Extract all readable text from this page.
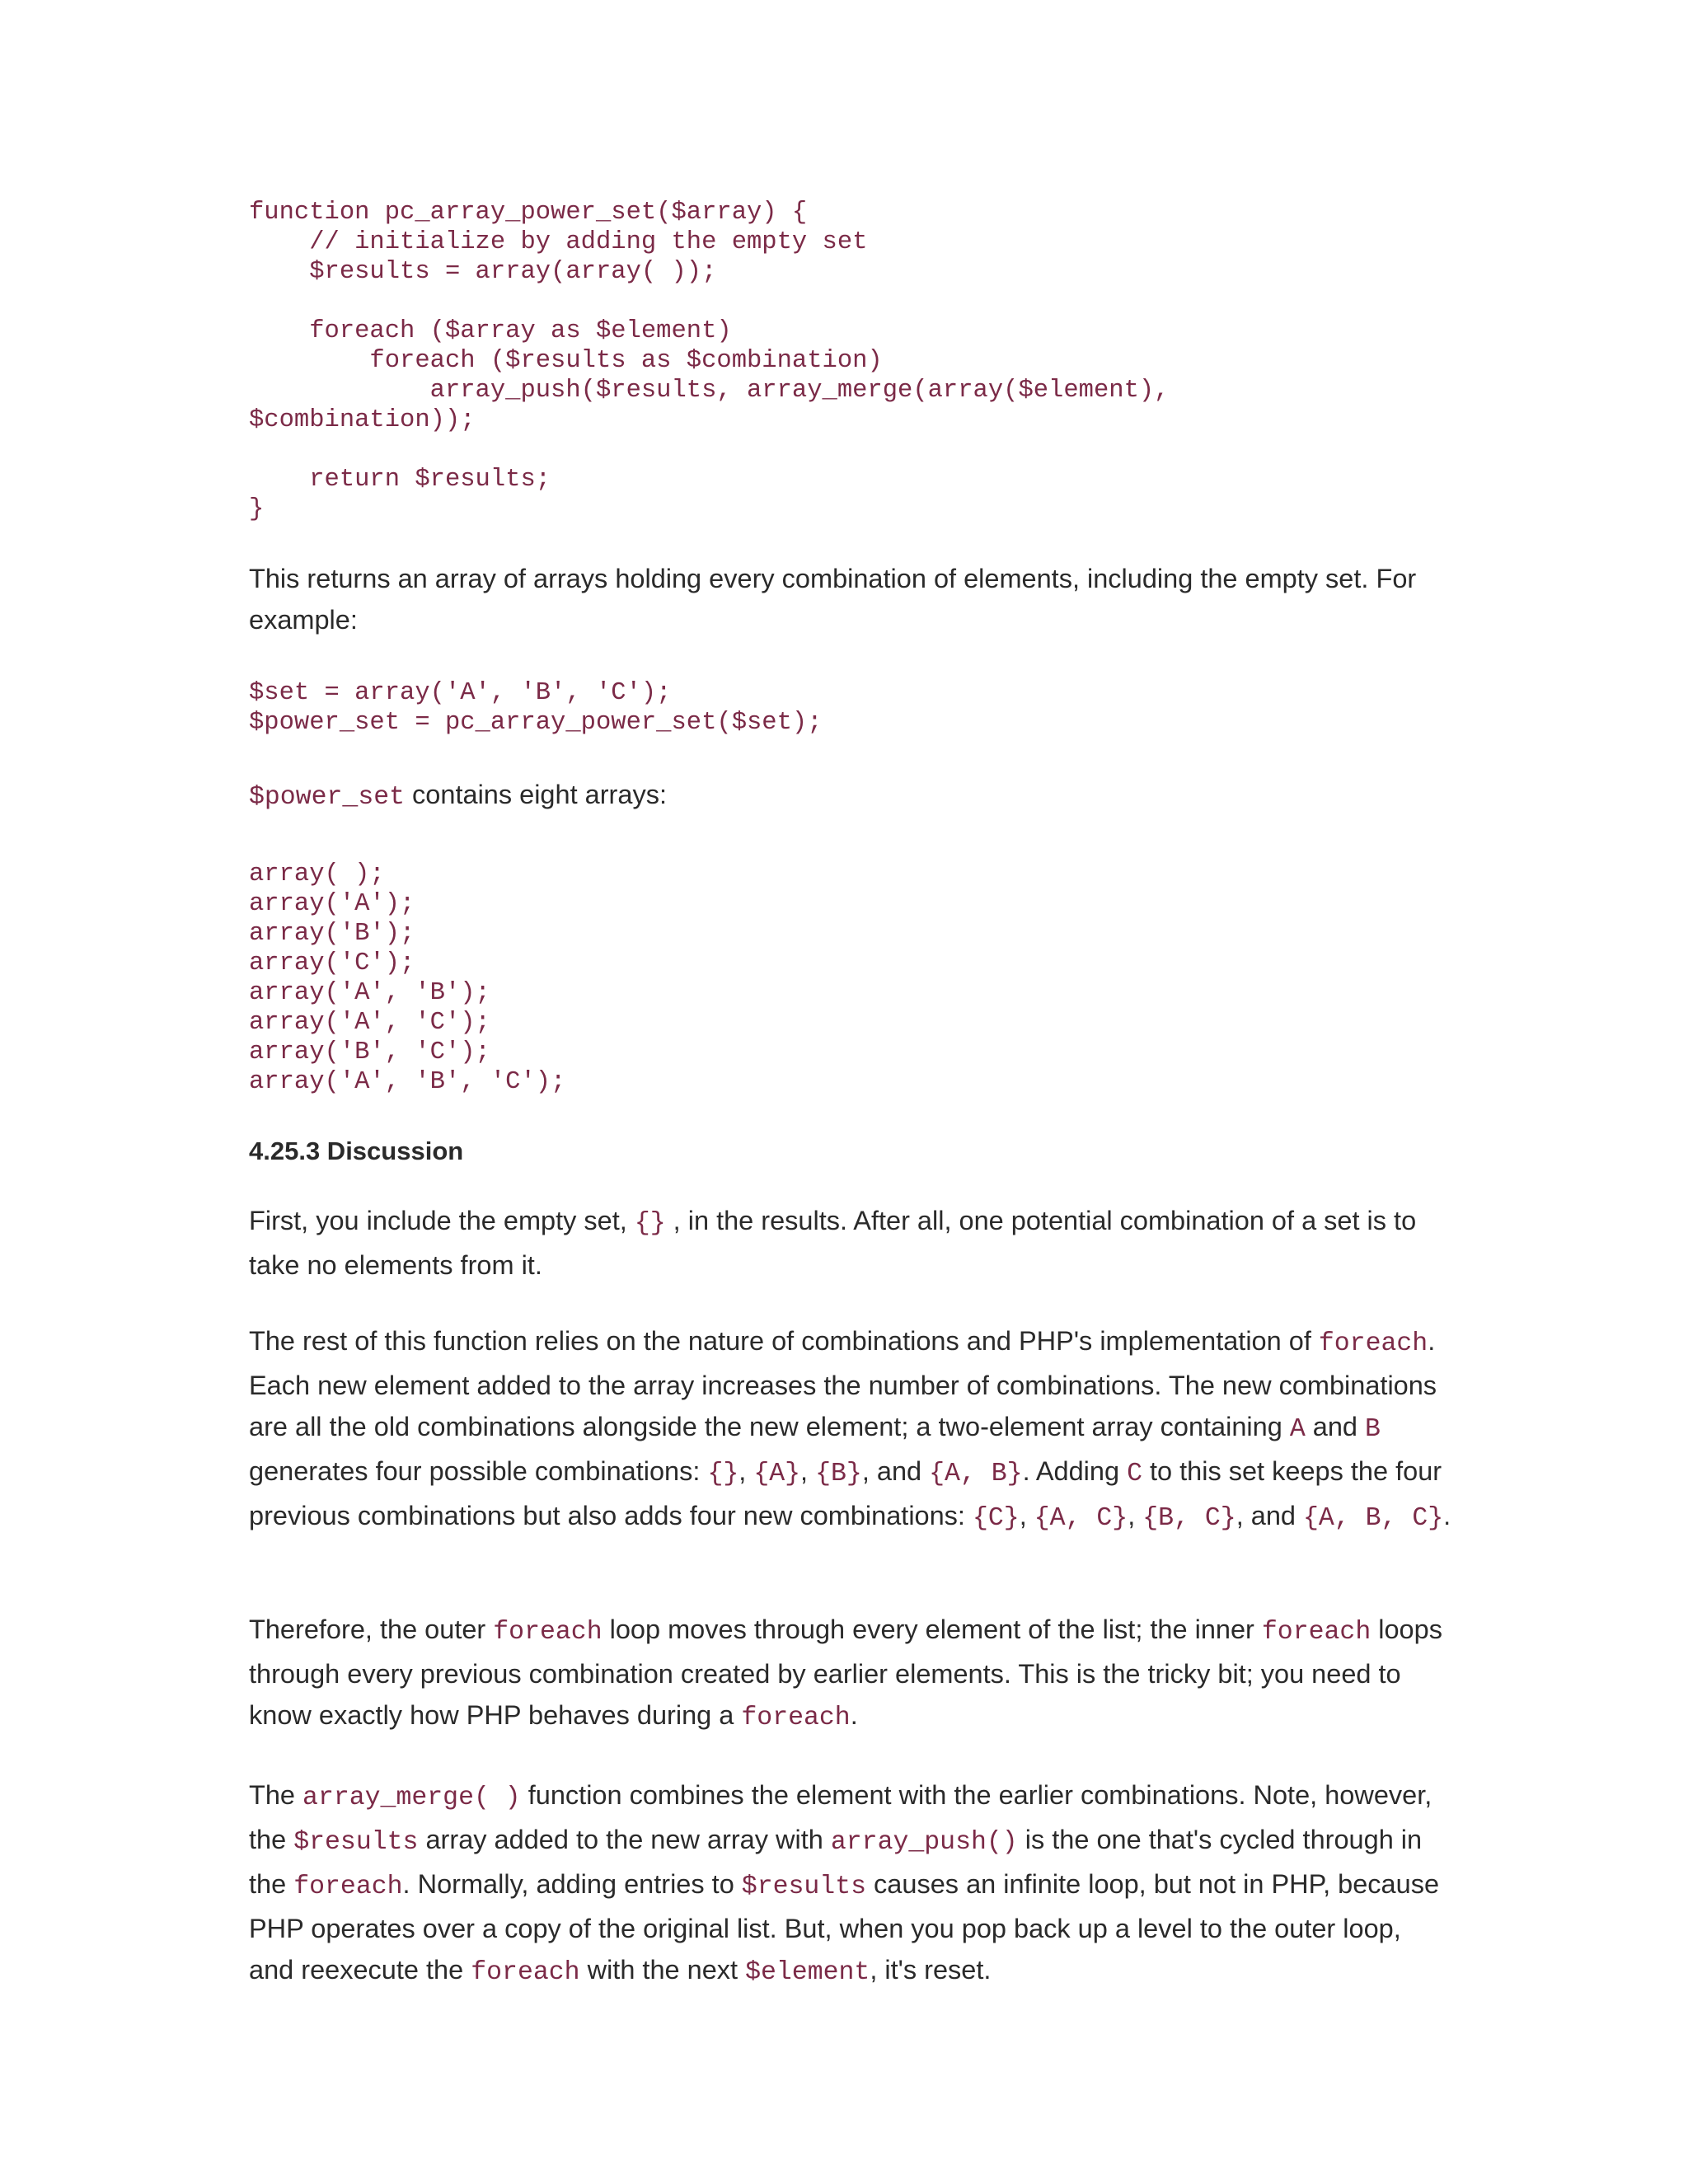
function pc_array_power_set($array) {
// initialize by adding the empty set
$results = array(array( ));

foreach ($array as $element)
foreach ($results as $combination)
array_push($results, array_merge(array($element),
$combination));

return $results;
}

This returns an array of arrays holding every combination of elements, including the empty set. For example:

$set = array('A', 'B', 'C');
$power_set = pc_array_power_set($set);

$power_set contains eight arrays:

array( );
array('A');
array('B');
array('C');
array('A', 'B');
array('A', 'C');
array('B', 'C');
array('A', 'B', 'C');
4.25.3 Discussion

First, you include the empty set, {} , in the results. After all, one potential combination of a set is to take no elements from it.

The rest of this function relies on the nature of combinations and PHP's implementation of foreach. Each new element added to the array increases the number of combinations. The new combinations are all the old combinations alongside the new element; a two-element array containing A and B generates four possible combinations: {}, {A}, {B}, and {A, B}. Adding C to this set keeps the four previous combinations but also adds four new combinations: {C}, {A, C}, {B, C}, and {A, B, C}.

Therefore, the outer foreach loop moves through every element of the list; the inner foreach loops through every previous combination created by earlier elements. This is the tricky bit; you need to know exactly how PHP behaves during a foreach.

The array_merge( ) function combines the element with the earlier combinations. Note, however, the $results array added to the new array with array_push() is the one that's cycled through in the foreach. Normally, adding entries to $results causes an infinite loop, but not in PHP, because PHP operates over a copy of the original list. But, when you pop back up a level to the outer loop, and reexecute the foreach with the next $element, it's reset.
